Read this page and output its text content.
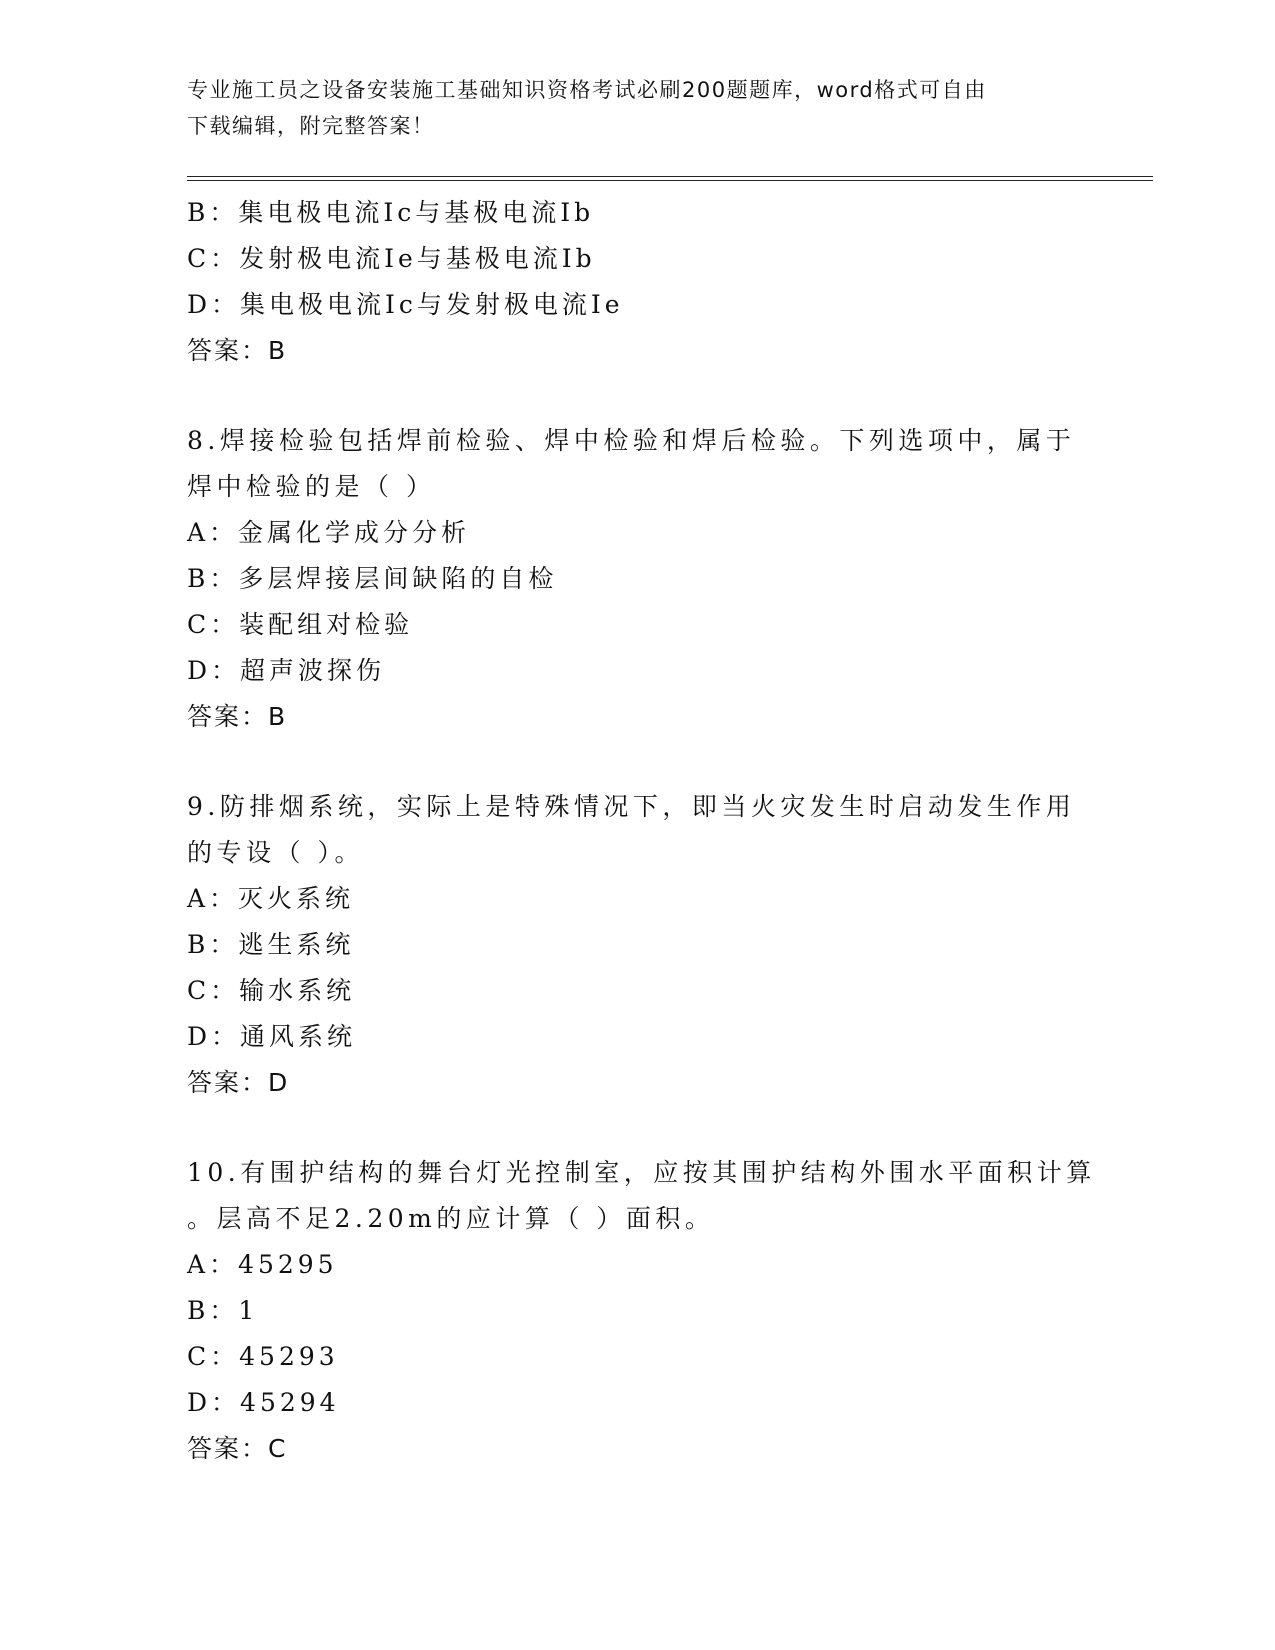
专业施工员之设备安装施工基础知识资格考试必刷200题题库，word格式可自由
下载编辑，附完整答案！
B：集电极电流Ic与基极电流Ib
C：发射极电流Ie与基极电流Ib
D：集电极电流Ic与发射极电流Ie
答案：B
8.焊接检验包括焊前检验、焊中检验和焊后检验。下列选项中，属于
焊中检验的是（ ）
A：金属化学成分分析
B：多层焊接层间缺陷的自检
C：装配组对检验
D：超声波探伤
答案：B
9.防排烟系统，实际上是特殊情况下，即当火灾发生时启动发生作用
的专设（ ）。
A：灭火系统
B：逃生系统
C：输水系统
D：通风系统
答案：D
10.有围护结构的舞台灯光控制室，应按其围护结构外围水平面积计算
。层高不足2.20m的应计算（ ）面积。
A：45295
B：1
C：45293
D：45294
答案：C
